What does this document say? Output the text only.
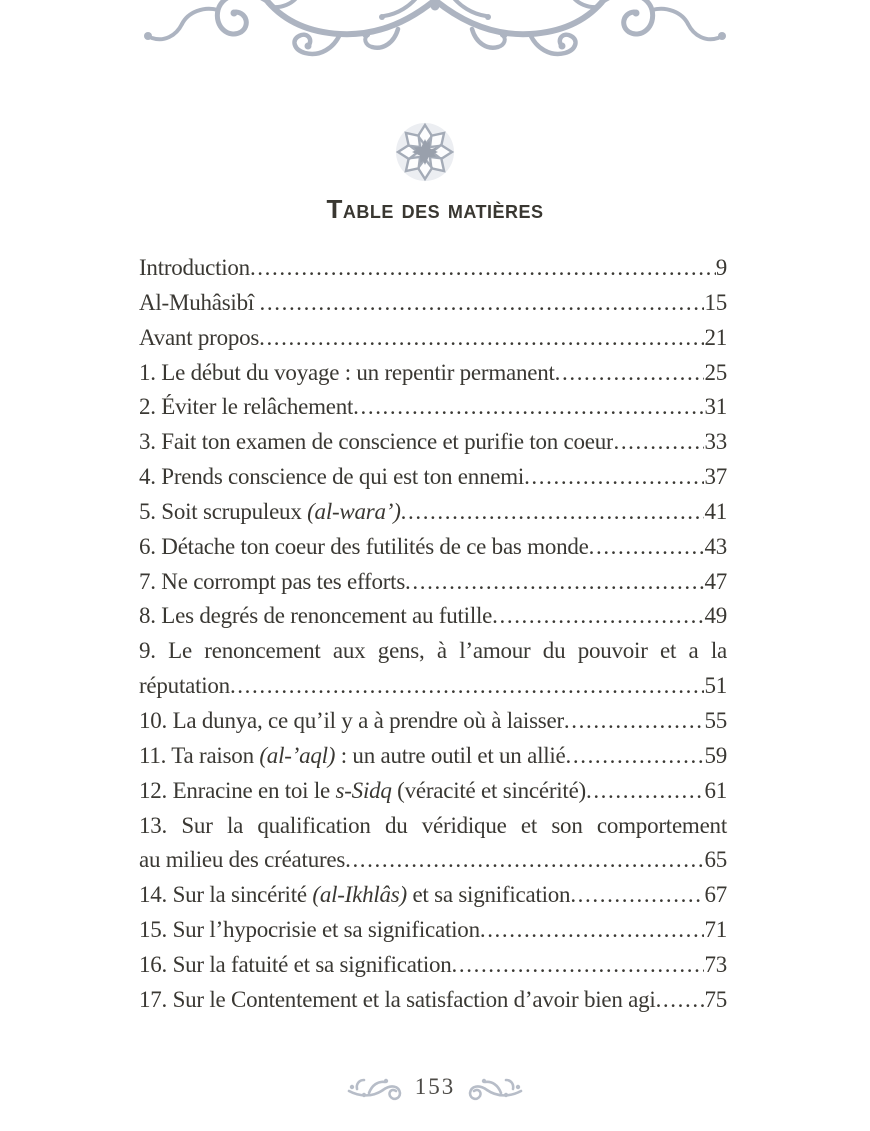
Table des matières
Introduction .....	9
Al-Muhâsibî .....	15
Avant propos .....	21
1. Le début du voyage : un repentir permanent .....	25
2. Éviter le relâchement .....	31
3. Fait ton examen de conscience et purifie ton coeur .....	33
4. Prends conscience de qui est ton ennemi .....	37
5. Soit scrupuleux (al-wara’) .....	41
6. Détache ton coeur des futilités de ce bas monde .....	43
7. Ne corrompt pas tes efforts .....	47
8. Les degrés de renoncement au futille .....	49
9. Le renoncement aux gens, à l’amour du pouvoir et a la
réputation .....	51
10. La dunya, ce qu’il y a à prendre où à laisser .....	55
11. Ta raison (al-’aql) : un autre outil et un allié .....	59
12. Enracine en toi le s-Sidq (véracité et sincérité) .....	61
13. Sur la qualification du véridique et son comportement
au milieu des créatures .....	65
14. Sur la sincérité (al-Ikhlâs) et sa signification .....	67
15. Sur l’hypocrisie et sa signification .....	71
16. Sur la fatuité et sa signification .....	73
17. Sur le Contentement et la satisfaction d’avoir bien agi ..... 75
153
